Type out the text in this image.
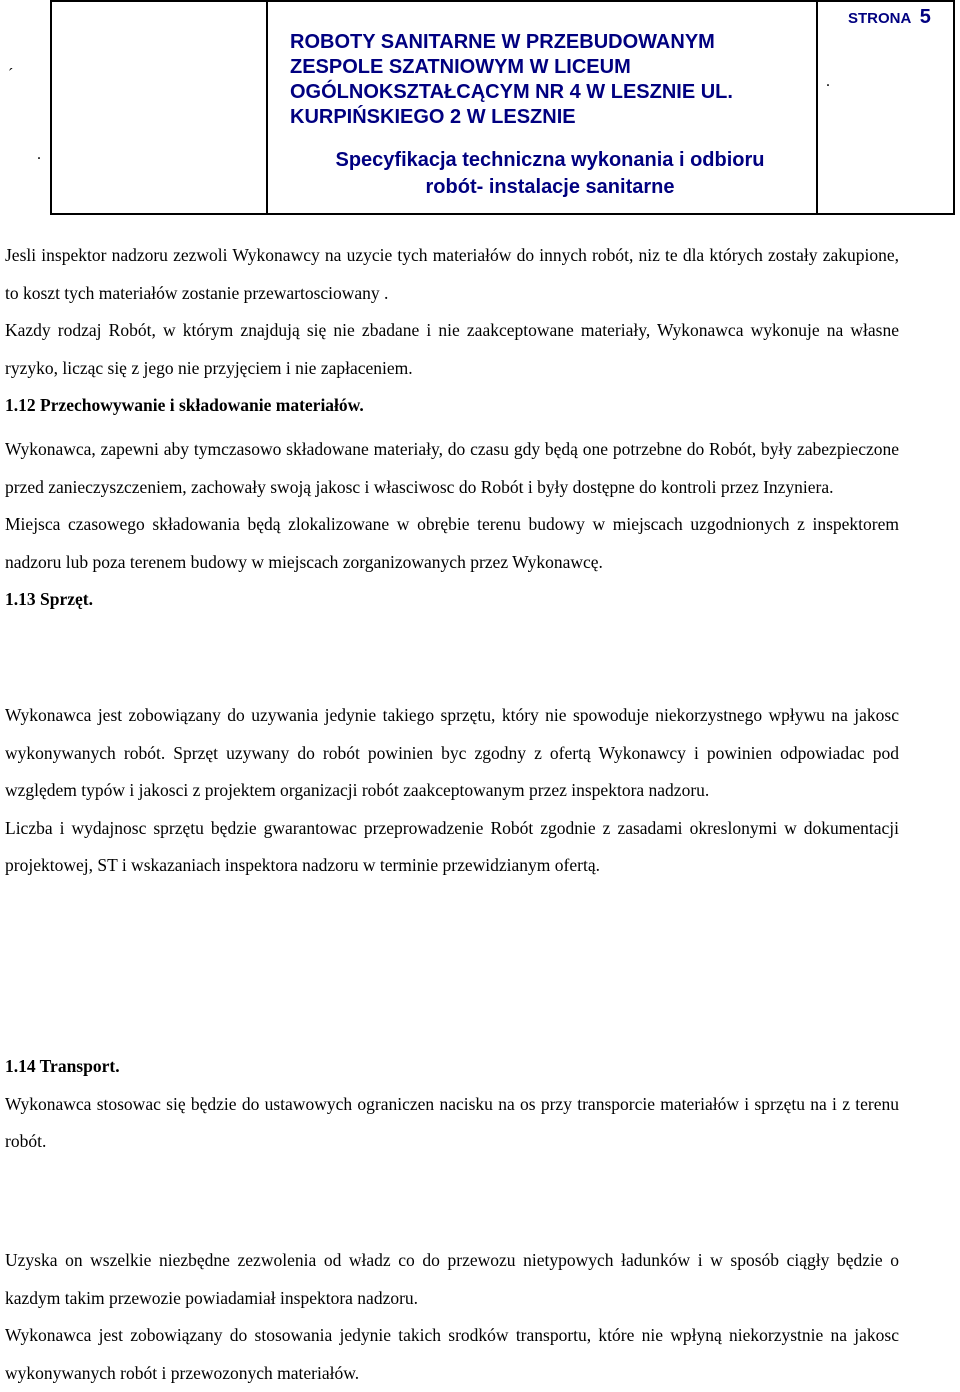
ROBOTY SANITARNE W PRZEBUDOWANYM
ZESPOLE SZATNIOWYM W LICEUM
OGÓLNOKSZTAŁCĄCYM NR 4 W LESZNIE UL.
KURPIŃSKIEGO 2 W LESZNIE
Specyfikacja techniczna wykonania i odbioru
robót- instalacje sanitarne
STRONA 5
´
.
.

Jesli inspektor nadzoru zezwoli Wykonawcy na uzycie tych materiałów do innych robót, niz te dla których zostały zakupione, to koszt tych materiałów zostanie przewartosciowany .

Kazdy rodzaj Robót, w którym znajdują się nie zbadane i nie zaakceptowane materiały, Wykonawca wykonuje na własne ryzyko, licząc się z jego nie przyjęciem i nie zapłaceniem.

1.12 Przechowywanie i składowanie materiałów.

Wykonawca, zapewni aby tymczasowo składowane materiały, do czasu gdy będą one potrzebne do Robót, były zabezpieczone przed zanieczyszczeniem, zachowały swoją jakosc i własciwosc do Robót i były dostępne do kontroli przez Inzyniera.

Miejsca czasowego składowania będą zlokalizowane w obrębie terenu budowy w miejscach uzgodnionych z inspektorem nadzoru lub poza terenem budowy w miejscach zorganizowanych przez Wykonawcę.

1.13 Sprzęt.

Wykonawca jest zobowiązany do uzywania jedynie takiego sprzętu, który nie spowoduje niekorzystnego wpływu na jakosc wykonywanych robót. Sprzęt uzywany do robót powinien byc zgodny z ofertą Wykonawcy i powinien odpowiadac pod względem typów i jakosci z projektem organizacji robót zaakceptowanym przez inspektora nadzoru.

Liczba i wydajnosc sprzętu będzie gwarantowac przeprowadzenie Robót zgodnie z zasadami okreslonymi w dokumentacji projektowej, ST i wskazaniach inspektora nadzoru w terminie przewidzianym ofertą.

1.14 Transport.

Wykonawca stosowac się będzie do ustawowych ograniczen nacisku na os przy transporcie materiałów i sprzętu na i z terenu robót.

Uzyska on wszelkie niezbędne zezwolenia od władz co do przewozu nietypowych ładunków i w sposób ciągły będzie o kazdym takim przewozie powiadamiał inspektora nadzoru.

Wykonawca jest zobowiązany do stosowania jedynie takich srodków transportu, które nie wpłyną niekorzystnie na jakosc wykonywanych robót i przewozonych materiałów.
